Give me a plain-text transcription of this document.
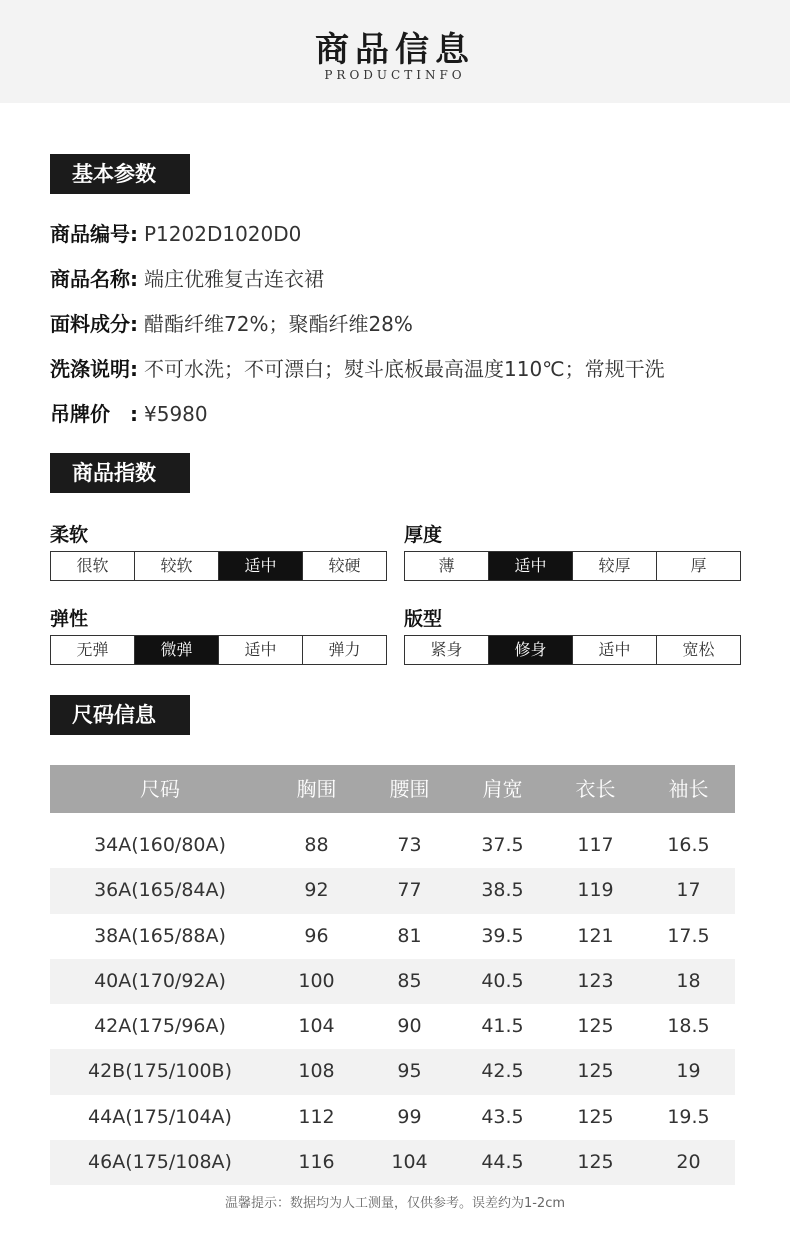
商品信息
PRODUCTINFO
基本参数
商品编号: P1202D1020D0
商品名称: 端庄优雅复古连衣裙
面料成分: 醋酯纤维72%；聚酯纤维28%
洗涤说明: 不可水洗；不可漂白；熨斗底板最高温度110℃；常规干洗
吊牌价　: ¥5980
商品指数
柔软
很软	较软	适中	较硬
厚度
薄	适中	较厚	厚
弹性
无弹	微弹	适中	弹力
版型
紧身	修身	适中	宽松
尺码信息
尺码	胸围	腰围	肩宽	衣长	袖长
34A(160/80A)	88	73	37.5	117	16.5
36A(165/84A)	92	77	38.5	119	17
38A(165/88A)	96	81	39.5	121	17.5
40A(170/92A)	100	85	40.5	123	18
42A(175/96A)	104	90	41.5	125	18.5
42B(175/100B)	108	95	42.5	125	19
44A(175/104A)	112	99	43.5	125	19.5
46A(175/108A)	116	104	44.5	125	20
温馨提示：数据均为人工测量，仅供参考。误差约为1-2cm
